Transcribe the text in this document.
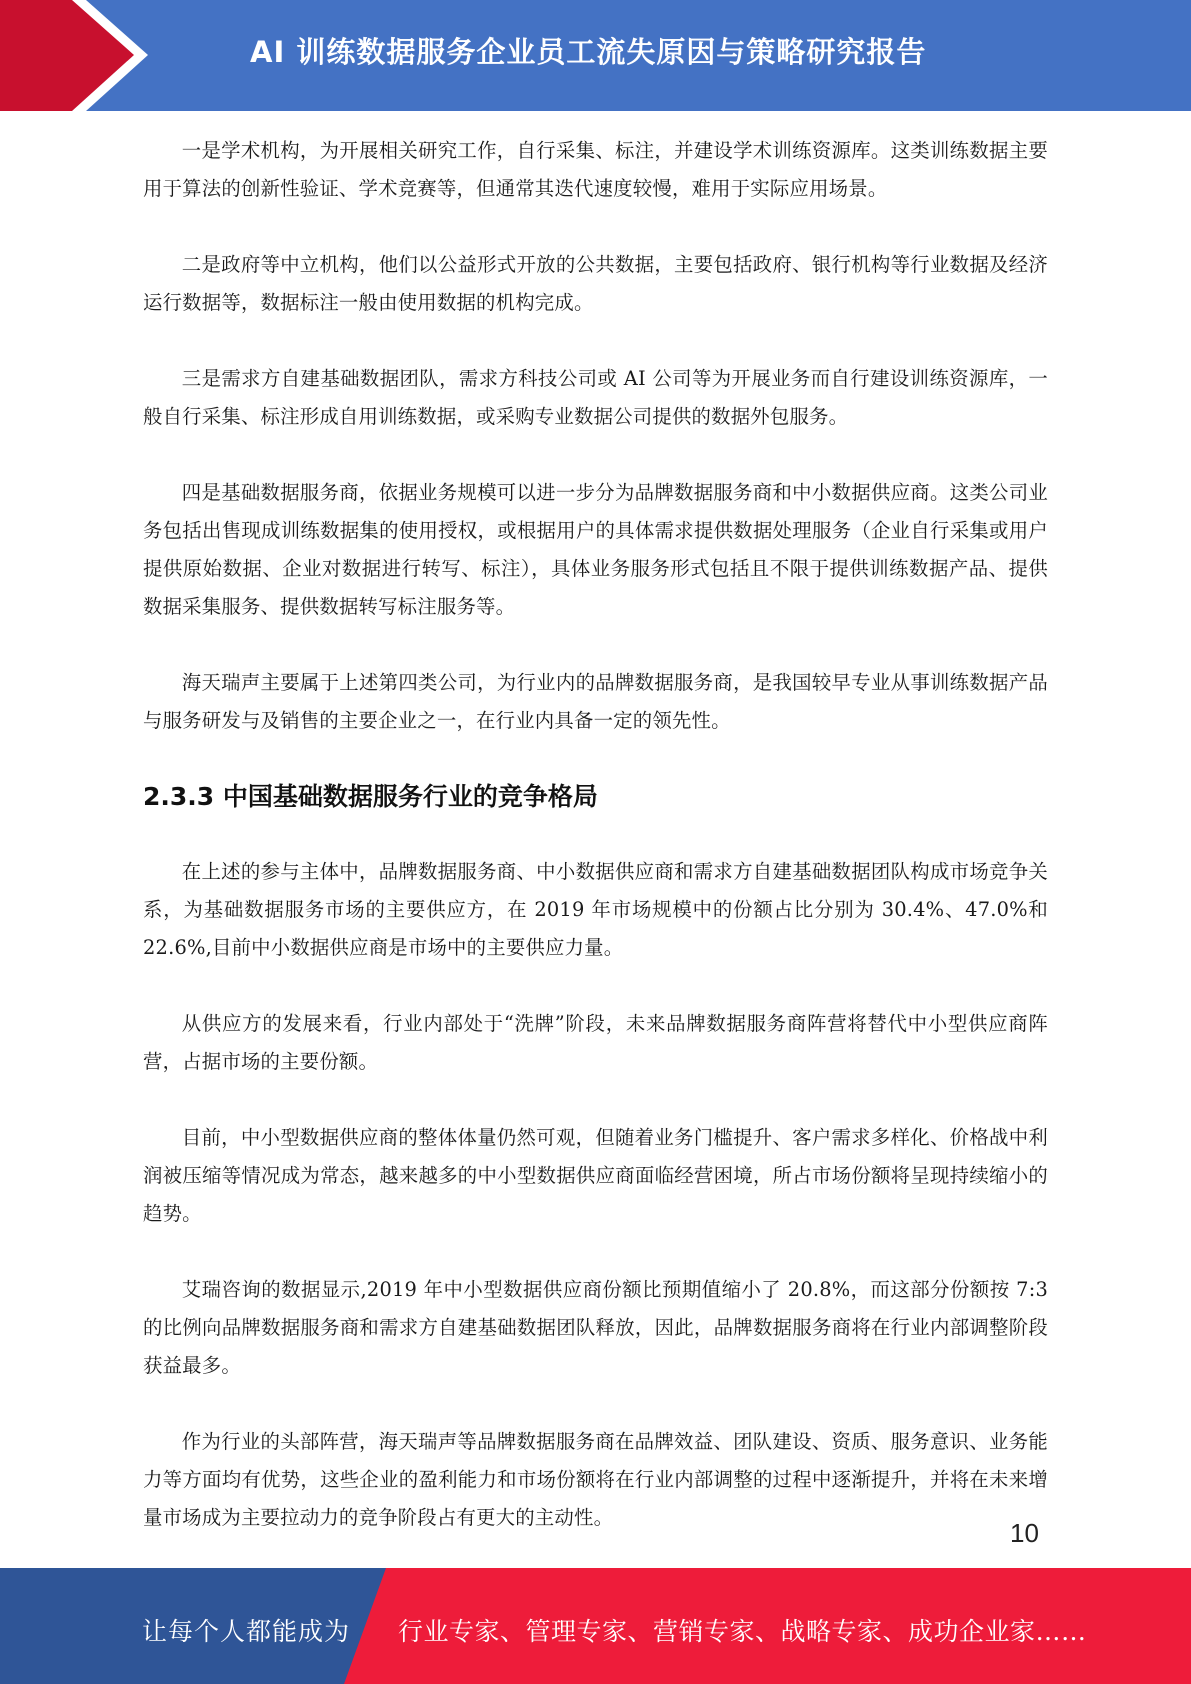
AI 训练数据服务企业员工流失原因与策略研究报告

一是学术机构，为开展相关研究工作，自行采集、标注，并建设学术训练资源库。这类训练数据主要用于算法的创新性验证、学术竞赛等，但通常其迭代速度较慢，难用于实际应用场景。

二是政府等中立机构，他们以公益形式开放的公共数据，主要包括政府、银行机构等行业数据及经济运行数据等，数据标注一般由使用数据的机构完成。

三是需求方自建基础数据团队，需求方科技公司或 AI 公司等为开展业务而自行建设训练资源库，一般自行采集、标注形成自用训练数据，或采购专业数据公司提供的数据外包服务。

四是基础数据服务商，依据业务规模可以进一步分为品牌数据服务商和中小数据供应商。这类公司业务包括出售现成训练数据集的使用授权，或根据用户的具体需求提供数据处理服务（企业自行采集或用户提供原始数据、企业对数据进行转写、标注），具体业务服务形式包括且不限于提供训练数据产品、提供数据采集服务、提供数据转写标注服务等。

海天瑞声主要属于上述第四类公司，为行业内的品牌数据服务商，是我国较早专业从事训练数据产品与服务研发与及销售的主要企业之一，在行业内具备一定的领先性。

2.3.3 中国基础数据服务行业的竞争格局

在上述的参与主体中，品牌数据服务商、中小数据供应商和需求方自建基础数据团队构成市场竞争关系，为基础数据服务市场的主要供应方，在 2019 年市场规模中的份额占比分别为 30.4%、47.0%和 22.6%,目前中小数据供应商是市场中的主要供应力量。

从供应方的发展来看，行业内部处于“洗牌”阶段，未来品牌数据服务商阵营将替代中小型供应商阵营，占据市场的主要份额。

目前，中小型数据供应商的整体体量仍然可观，但随着业务门槛提升、客户需求多样化、价格战中利润被压缩等情况成为常态，越来越多的中小型数据供应商面临经营困境，所占市场份额将呈现持续缩小的趋势。

艾瑞咨询的数据显示,2019 年中小型数据供应商份额比预期值缩小了 20.8%，而这部分份额按 7:3 的比例向品牌数据服务商和需求方自建基础数据团队释放，因此，品牌数据服务商将在行业内部调整阶段获益最多。

作为行业的头部阵营，海天瑞声等品牌数据服务商在品牌效益、团队建设、资质、服务意识、业务能力等方面均有优势，这些企业的盈利能力和市场份额将在行业内部调整的过程中逐渐提升，并将在未来增量市场成为主要拉动力的竞争阶段占有更大的主动性。

10
让每个人都能成为 行业专家、管理专家、营销专家、战略专家、成功企业家……
